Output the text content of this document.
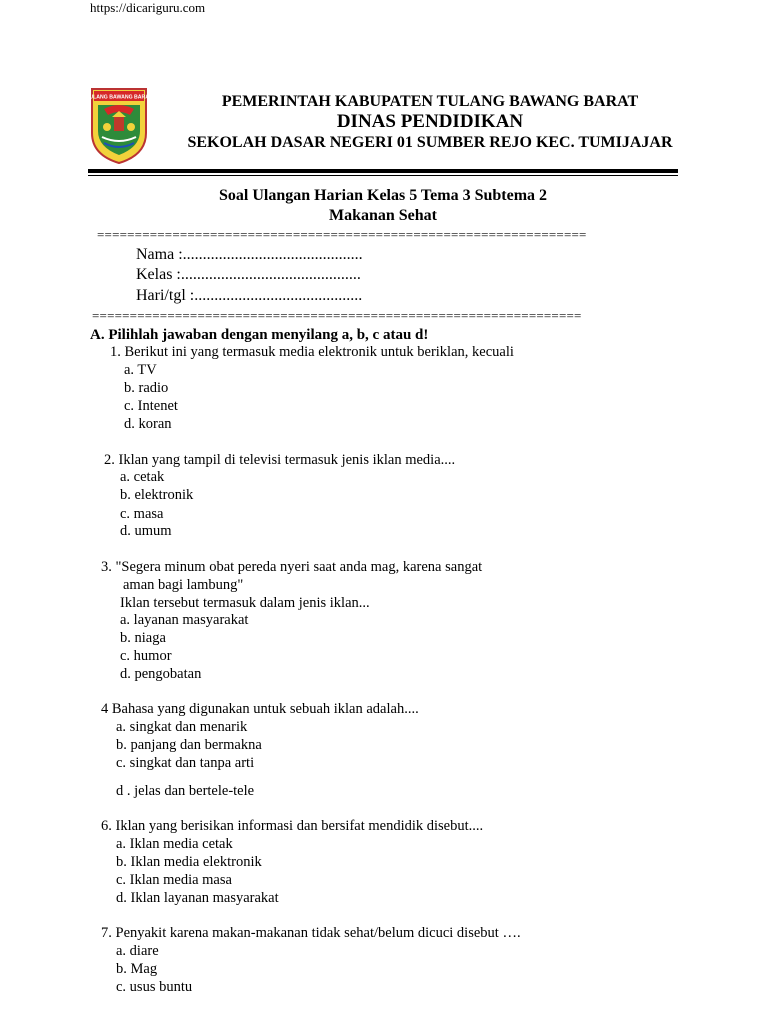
https://dicariguru.com
TULANG BAWANG BARAT	PEMERINTAH KABUPATEN TULANG BAWANG BARAT
DINAS PENDIDIKAN
SEKOLAH DASAR NEGERI 01 SUMBER REJO KEC. TUMIJAJAR
Soal Ulangan Harian Kelas 5 Tema 3 Subtema 2
Makanan Sehat
=================================================================
Nama :.............................................
Kelas :.............................................
Hari/tgl :..........................................
=================================================================
A. Pilihlah jawaban dengan menyilang a, b, c atau d!
1. Berikut ini yang termasuk media elektronik untuk beriklan, kecuali
a. TV
b. radio
c. Intenet
d. koran
2. Iklan yang tampil di televisi termasuk jenis iklan media....
a. cetak
b. elektronik
c. masa
d. umum
3. "Segera minum obat pereda nyeri saat anda mag, karena sangat
aman bagi lambung"
Iklan tersebut termasuk dalam jenis iklan...
a. layanan masyarakat
b. niaga
c. humor
d. pengobatan
4 Bahasa yang digunakan untuk sebuah iklan adalah....
a. singkat dan menarik
b. panjang dan bermakna
c. singkat dan tanpa arti
d . jelas dan bertele-tele
6. Iklan yang berisikan informasi dan bersifat mendidik disebut....
a. Iklan media cetak
b. Iklan media elektronik
c. Iklan media masa
d. Iklan layanan masyarakat
7. Penyakit karena makan-makanan tidak sehat/belum dicuci disebut ….
a. diare
b. Mag
c. usus buntu
